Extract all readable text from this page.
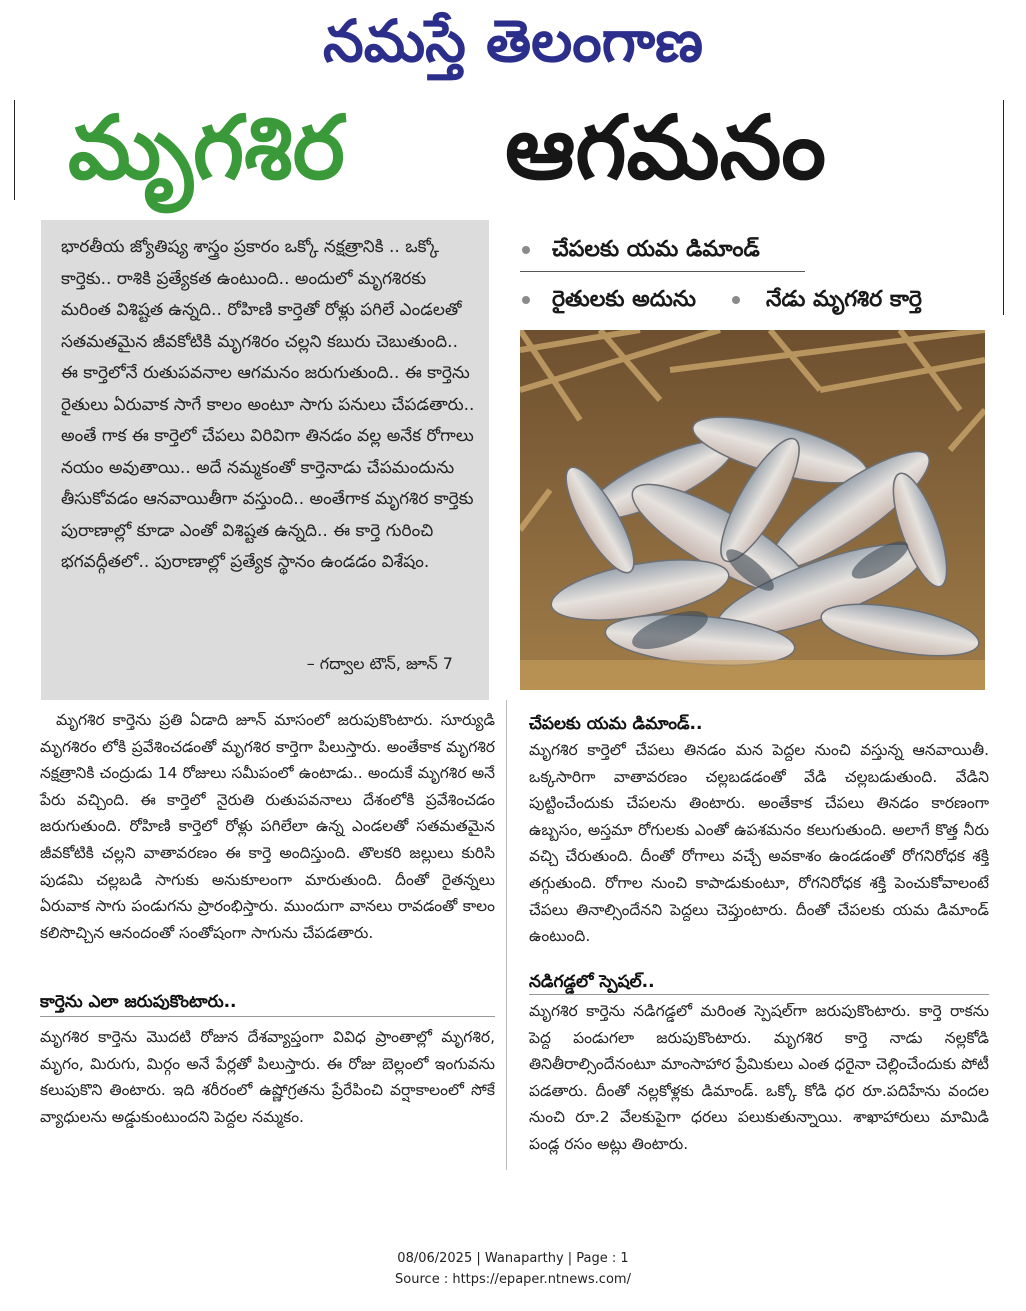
నమస్తే తెలంగాణ
మృగశిర ఆగమనం
భారతీయ జ్యోతిష్య శాస్త్రం ప్రకారం ఒక్కో నక్షత్రానికి .. ఒక్కో కార్తెకు.. రాశికి ప్రత్యేకత ఉంటుంది.. అందులో మృగశిరకు మరింత విశిష్టత ఉన్నది.. రోహిణి కార్తెతో రోళ్లు పగిలే ఎండలతో సతమతమైన జీవకోటికి మృగశిరం చల్లని కబురు చెబుతుంది.. ఈ కార్తెలోనే రుతుపవనాల ఆగమనం జరుగుతుంది.. ఈ కార్తెను రైతులు ఏరువాక సాగే కాలం అంటూ సాగు పనులు చేపడతారు.. అంతే గాక ఈ కార్తెలో చేపలు విరివిగా తినడం వల్ల అనేక రోగాలు నయం అవుతాయి.. అదే నమ్మకంతో కార్తెనాడు చేపమందును తీసుకోవడం ఆనవాయితీగా వస్తుంది.. అంతేగాక మృగశిర కార్తెకు పురాణాల్లో కూడా ఎంతో విశిష్టత ఉన్నది.. ఈ కార్తె గురించి భగవద్గీతలో.. పురాణాల్లో ప్రత్యేక స్థానం ఉండడం విశేషం.
– గద్వాల టౌన్‌, జూన్‌ 7
చేపలకు యమ డిమాండ్
రైతులకు అదును	నేడు మృగశిర కార్తె
మృగశిర కార్తెను ప్రతి ఏడాది జూన్‌ మాసంలో జరుపుకొంటారు. సూర్యుడి మృగశిరం లోకి ప్రవేశించడంతో మృగశిర కార్తెగా పిలుస్తారు. అంతేకాక మృగశిర నక్షత్రానికి చంద్రుడు 14 రోజులు సమీపంలో ఉంటాడు.. అందుకే మృగశిర అనే పేరు వచ్చింది. ఈ కార్తెలో నైరుతి రుతుపవనాలు దేశంలోకి ప్రవేశించడం జరుగుతుంది. రోహిణి కార్తెలో రోళ్లు పగిలేలా ఉన్న ఎండలతో సతమతమైన జీవకోటికి చల్లని వాతావరణం ఈ కార్తె అందిస్తుంది. తొలకరి జల్లులు కురిసి పుడమి చల్లబడి సాగుకు అనుకూలంగా మారుతుంది. దీంతో రైతన్నలు ఏరువాక సాగు పండుగను ప్రారంభిస్తారు. ముందుగా వానలు రావడంతో కాలం కలిసొచ్చిన ఆనందంతో సంతోషంగా సాగును చేపడతారు.
కార్తెను ఎలా జరుపుకొంటారు..
మృగశిర కార్తెను మొదటి రోజున దేశవ్యాప్తంగా వివిధ ప్రాంతాల్లో మృగశిర, మృగం, మిరుగు, మిర్గం అనే పేర్లతో పిలుస్తారు. ఈ రోజు బెల్లంలో ఇంగువను కలుపుకొని తింటారు. ఇది శరీరంలో ఉష్ణోగ్రతను ప్రేరేపించి వర్షాకాలంలో సోకే వ్యాధులను అడ్డుకుంటుందని పెద్దల నమ్మకం.
చేపలకు యమ డిమాండ్‌..
మృగశిర కార్తెలో చేపలు తినడం మన పెద్దల నుంచి వస్తున్న ఆనవాయితీ. ఒక్కసారిగా వాతావరణం చల్లబడడంతో వేడి చల్లబడుతుంది. వేడిని పుట్టించేందుకు చేపలను తింటారు. అంతేకాక చేపలు తినడం కారణంగా ఉబ్బసం, అస్తమా రోగులకు ఎంతో ఉపశమనం కలుగుతుంది. అలాగే కొత్త నీరు వచ్చి చేరుతుంది. దీంతో రోగాలు వచ్చే అవకాశం ఉండడంతో రోగనిరోధక శక్తి తగ్గుతుంది. రోగాల నుంచి కాపాడుకుంటూ, రోగనిరోధక శక్తి పెంచుకోవాలంటే చేపలు తినాల్సిందేనని పెద్దలు చెప్తుంటారు. దీంతో చేపలకు యమ డిమాండ్‌ ఉంటుంది.
నడిగడ్డలో స్పెషల్‌..
మృగశిర కార్తెను నడిగడ్డలో మరింత స్పెషల్‌గా జరుపుకొంటారు. కార్తె రాకను పెద్ద పండుగలా జరుపుకొంటారు. మృగశిర కార్తె నాడు నల్లకోడి తినితీరాల్సిందేనంటూ మాంసాహార ప్రేమికులు ఎంత ధరైనా చెల్లించేందుకు పోటీ పడతారు. దీంతో నల్లకోళ్లకు డిమాండ్‌. ఒక్కో కోడి ధర రూ.పదిహేను వందల నుంచి రూ.2 వేలకుపైగా ధరలు పలుకుతున్నాయి. శాఖాహారులు మామిడి పండ్ల రసం అట్లు తింటారు.
08/06/2025 | Wanaparthy | Page : 1
Source : https://epaper.ntnews.com/
